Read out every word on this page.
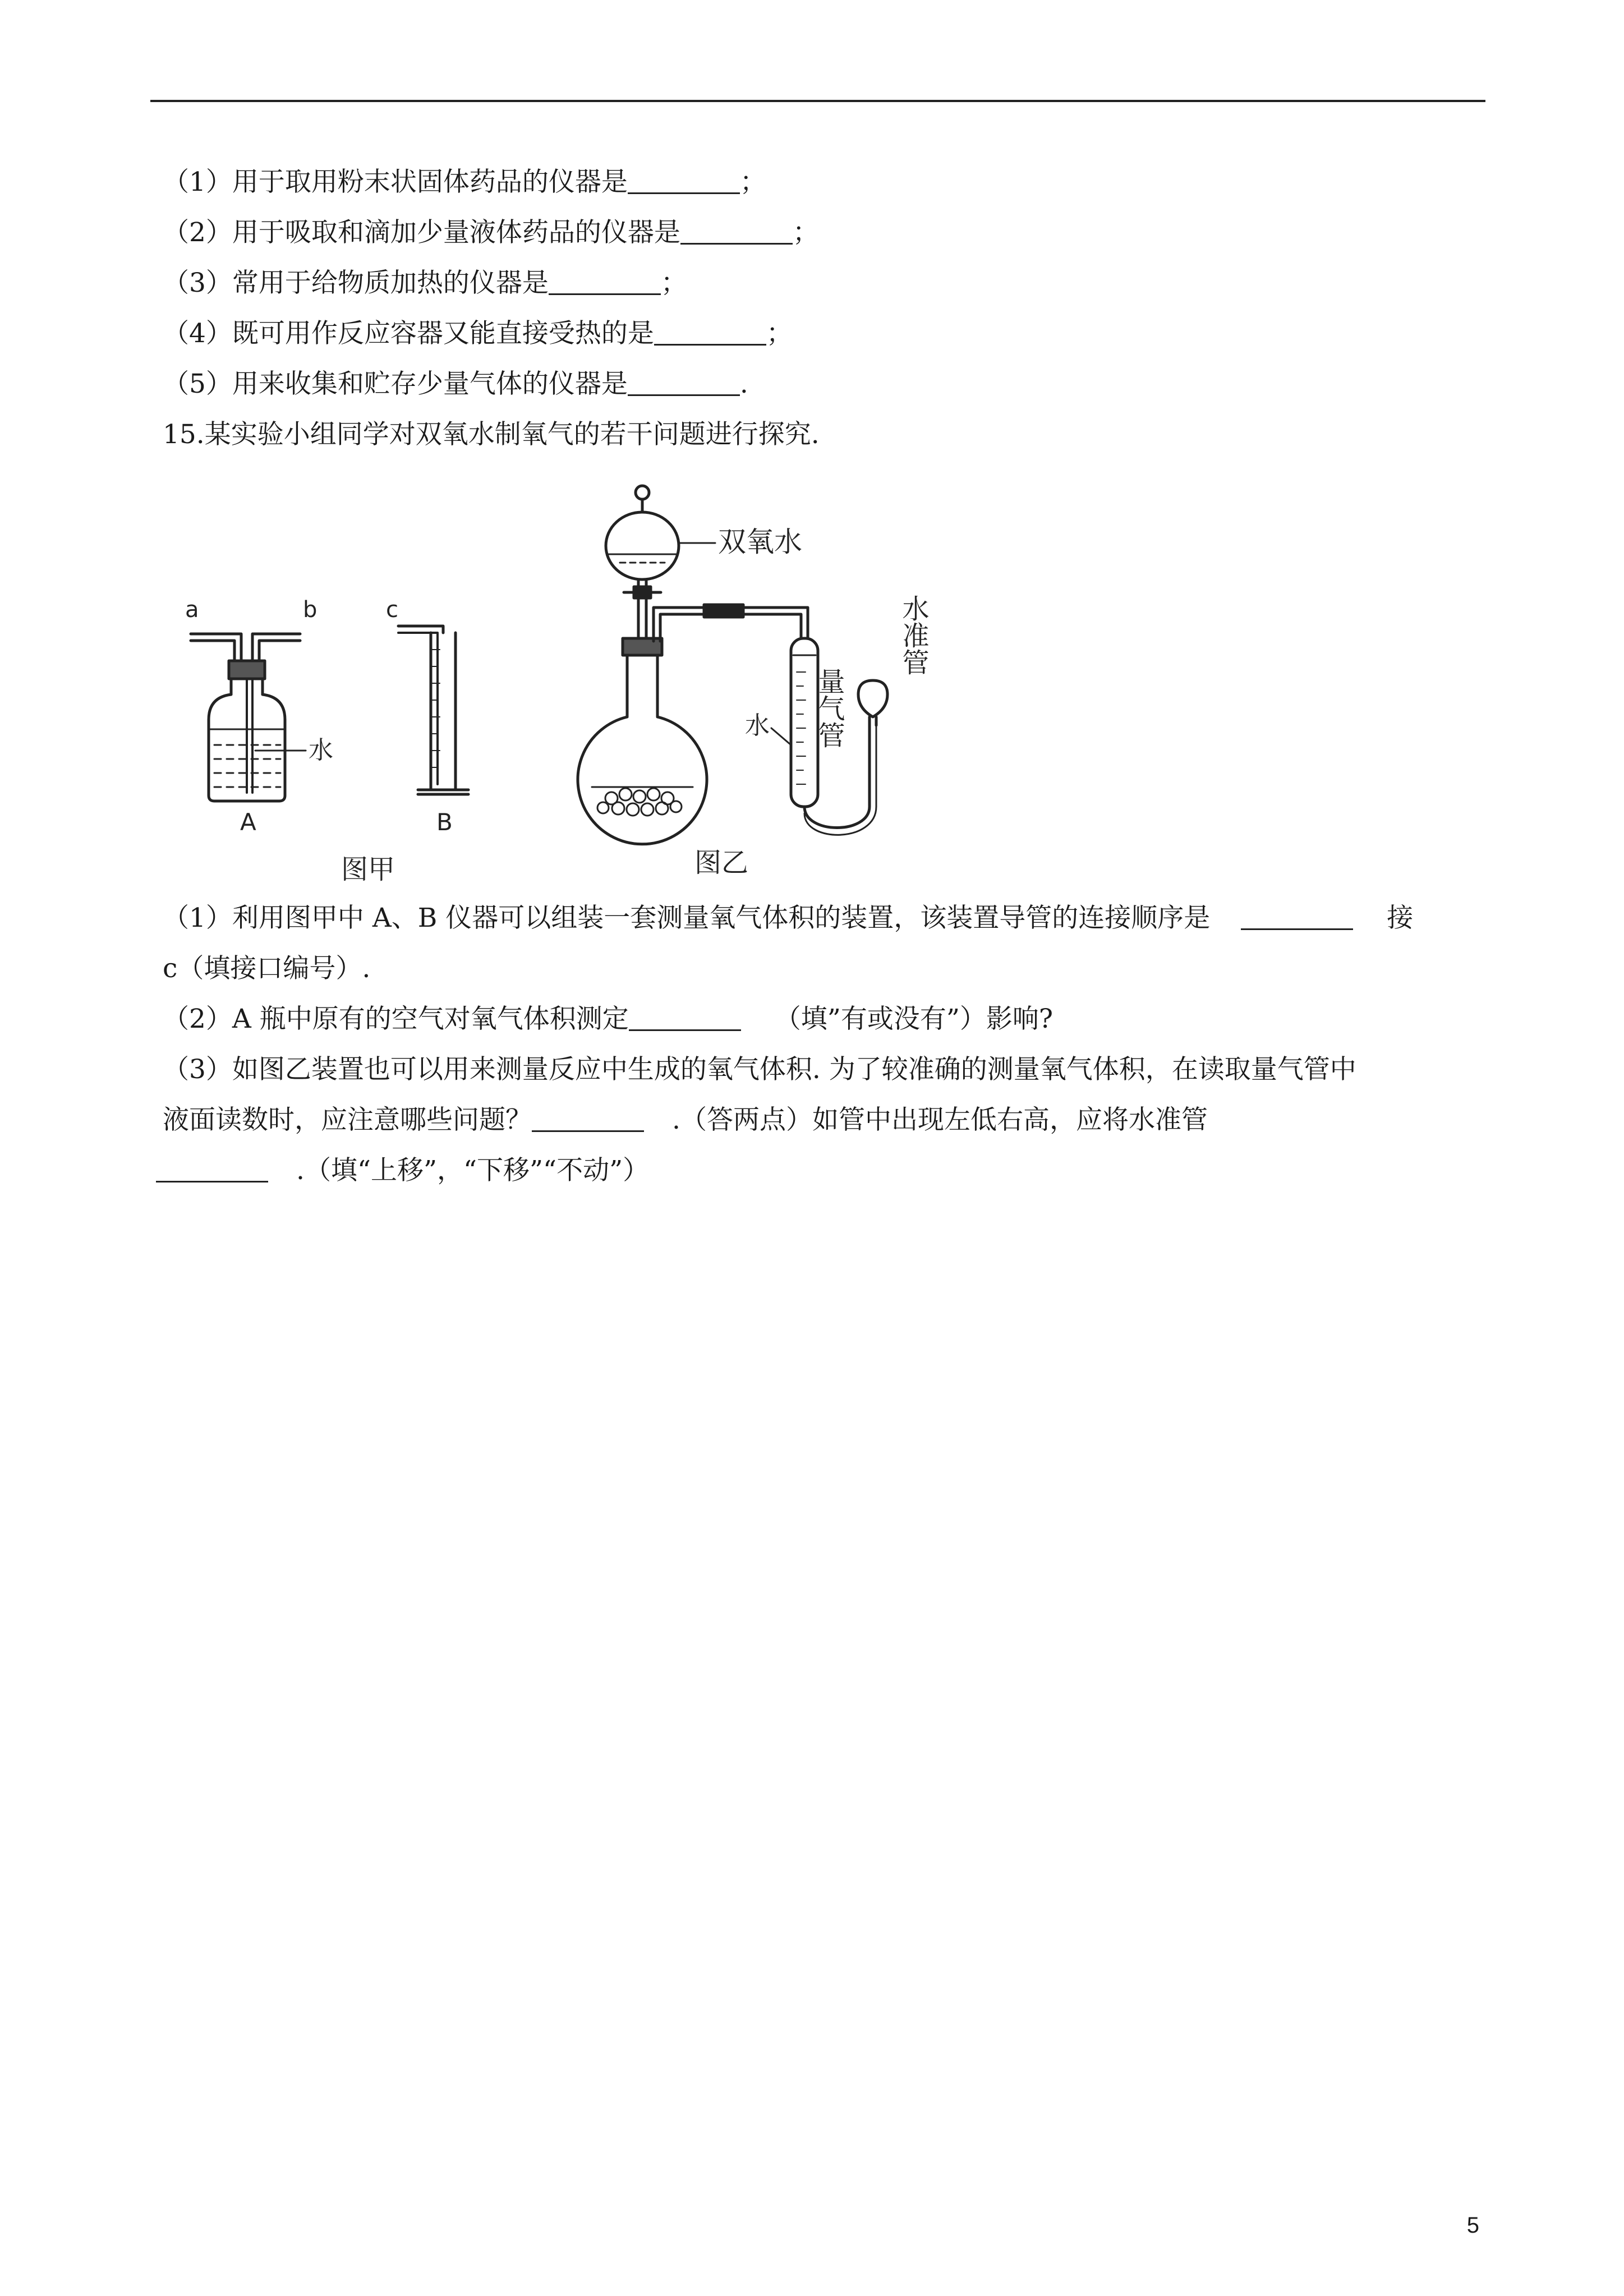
（1）用于取用粉末状固体药品的仪器是	；
（2）用于吸取和滴加少量液体药品的仪器是	；
（3）常用于给物质加热的仪器是	；
（4）既可用作反应容器又能直接受热的是	；
（5）用来收集和贮存少量气体的仪器是	.
15.某实验小组同学对双氧水制氧气的若干问题进行探究.
a	b	c
水
A	B
图甲
双氧水
水 量气管
水准管
图乙
（1）利用图甲中 A、B 仪器可以组装一套测量氧气体积的装置，该装置导管的连接顺序是	接
c（填接口编号）.
（2）A 瓶中原有的空气对氧气体积测定	（填”有或没有”）影响?
（3）如图乙装置也可以用来测量反应中生成的氧气体积. 为了较准确的测量氧气体积，在读取量气管中
液面读数时，应注意哪些问题？	.（答两点）如管中出现左低右高，应将水准管
.（填“上移”，“下移”“不动”）
5
